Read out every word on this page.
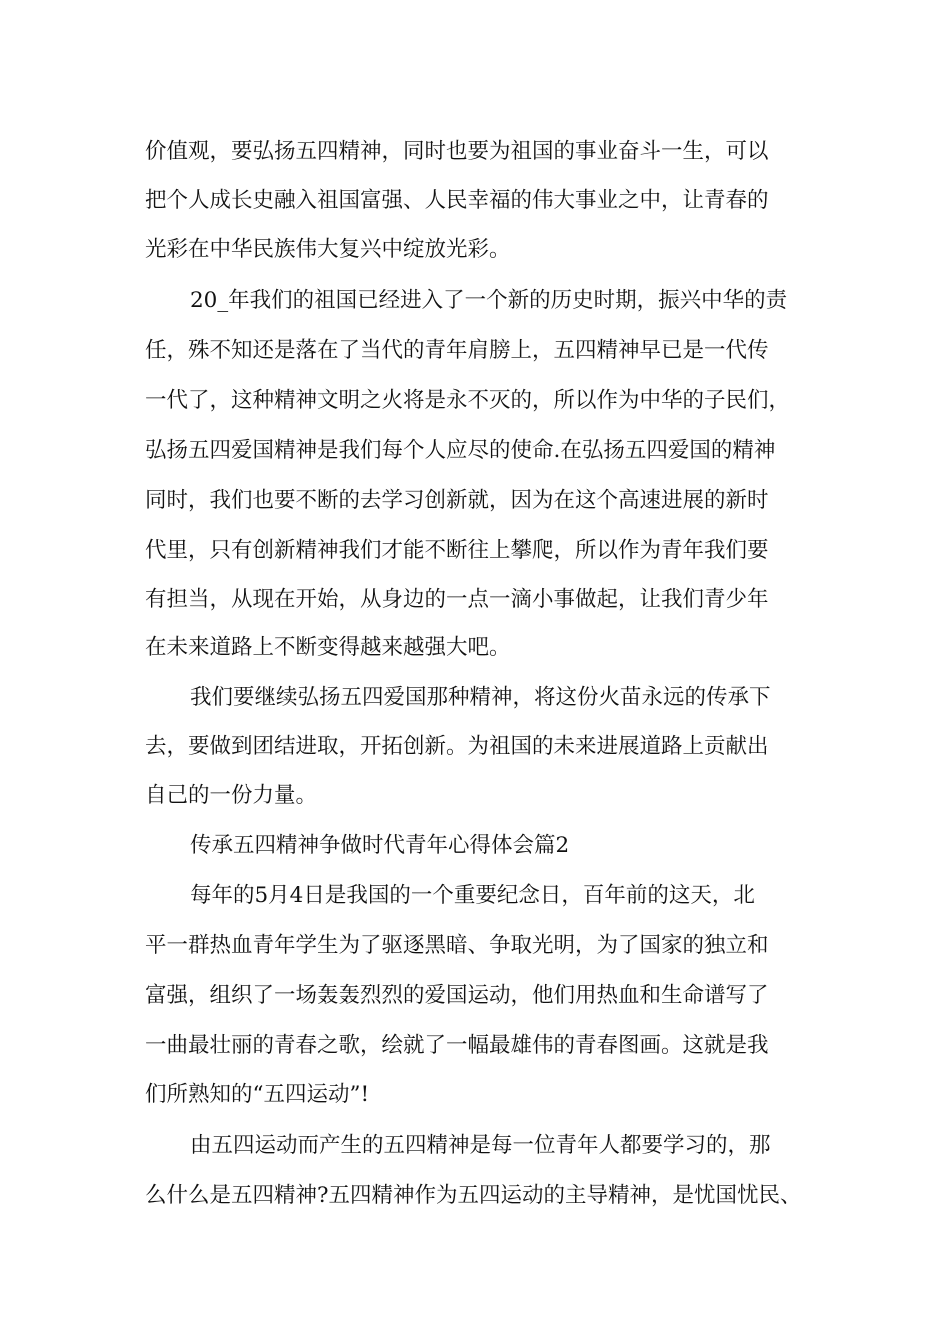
价值观，要弘扬五四精神，同时也要为祖国的事业奋斗一生，可以
把个人成长史融入祖国富强、人民幸福的伟大事业之中，让青春的
光彩在中华民族伟大复兴中绽放光彩。
20_年我们的祖国已经进入了一个新的历史时期，振兴中华的责
任，殊不知还是落在了当代的青年肩膀上，五四精神早已是一代传
一代了，这种精神文明之火将是永不灭的，所以作为中华的子民们，
弘扬五四爱国精神是我们每个人应尽的使命.在弘扬五四爱国的精神
同时，我们也要不断的去学习创新就，因为在这个高速进展的新时
代里，只有创新精神我们才能不断往上攀爬，所以作为青年我们要
有担当，从现在开始，从身边的一点一滴小事做起，让我们青少年
在未来道路上不断变得越来越强大吧。
我们要继续弘扬五四爱国那种精神，将这份火苗永远的传承下
去，要做到团结进取，开拓创新。为祖国的未来进展道路上贡献出
自己的一份力量。
传承五四精神争做时代青年心得体会篇2
每年的5月4日是我国的一个重要纪念日，百年前的这天，北
平一群热血青年学生为了驱逐黑暗、争取光明，为了国家的独立和
富强，组织了一场轰轰烈烈的爱国运动，他们用热血和生命谱写了
一曲最壮丽的青春之歌，绘就了一幅最雄伟的青春图画。这就是我
们所熟知的“五四运动”!
由五四运动而产生的五四精神是每一位青年人都要学习的，那
么什么是五四精神?五四精神作为五四运动的主导精神，是忧国忧民、
